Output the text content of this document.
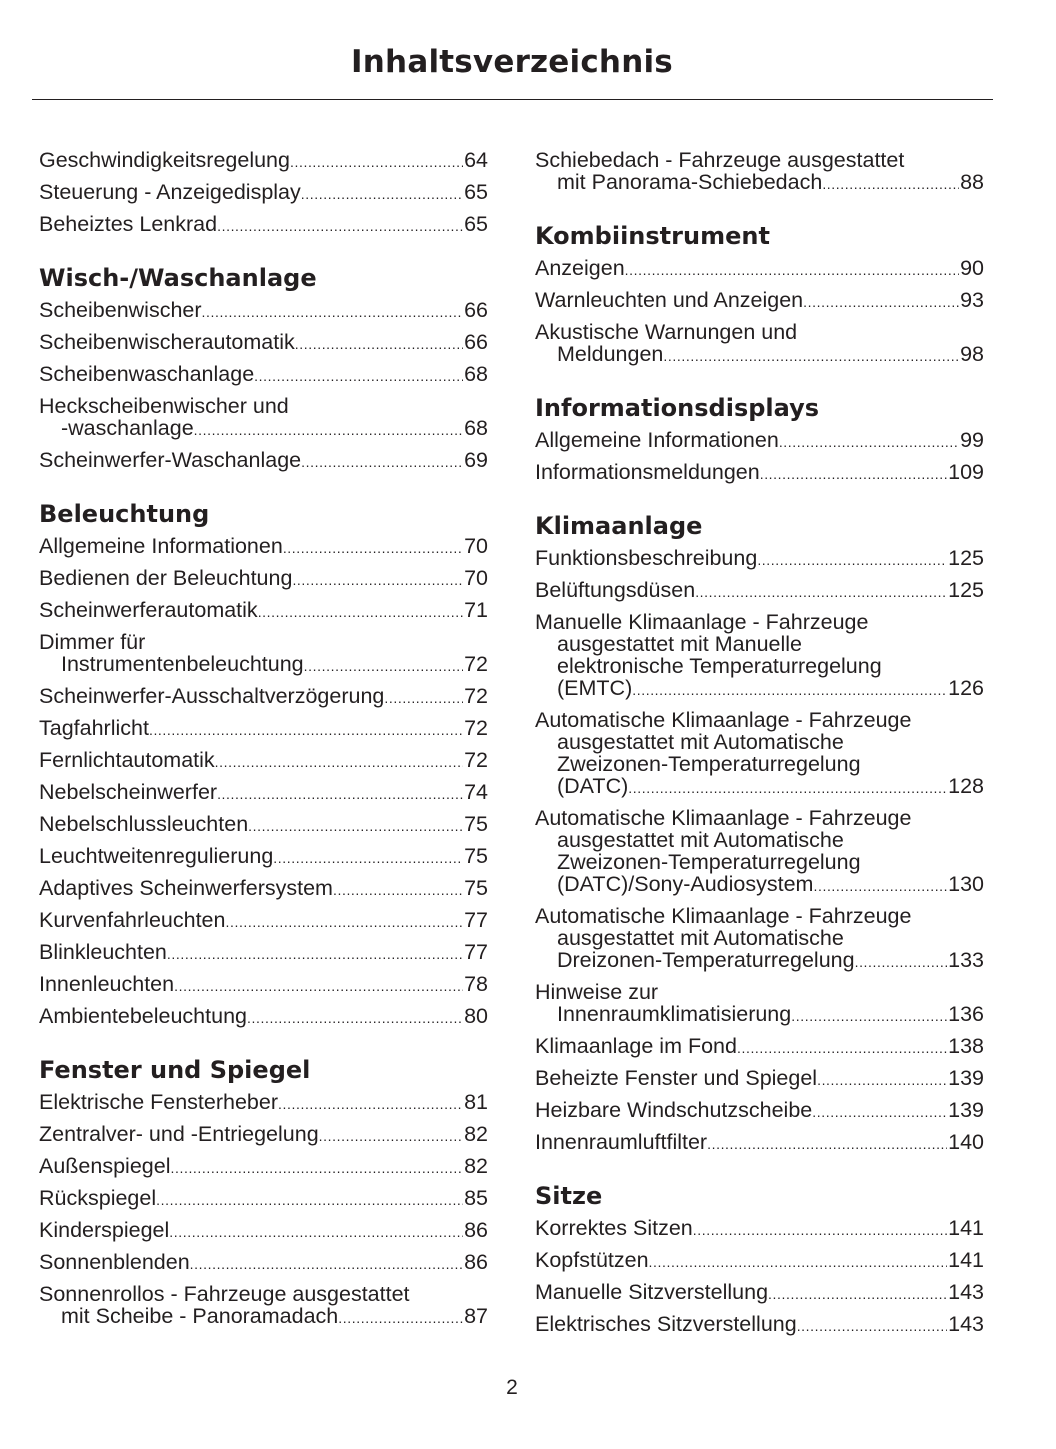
Inhaltsverzeichnis
Geschwindigkeitsregelung .....	64
Steuerung - Anzeigedisplay .....	65
Beheiztes Lenkrad .....	65
Wisch-/Waschanlage
Scheibenwischer .....	66
Scheibenwischerautomatik .....	66
Scheibenwaschanlage .....	68
Heckscheibenwischer und
-waschanlage .....	68
Scheinwerfer-Waschanlage .....	69
Beleuchtung
Allgemeine Informationen .....	70
Bedienen der Beleuchtung .....	70
Scheinwerferautomatik .....	71
Dimmer für
Instrumentenbeleuchtung .....	72
Scheinwerfer-Ausschaltverzögerung .....	72
Tagfahrlicht .....	72
Fernlichtautomatik .....	72
Nebelscheinwerfer .....	74
Nebelschlussleuchten .....	75
Leuchtweitenregulierung .....	75
Adaptives Scheinwerfersystem .....	75
Kurvenfahrleuchten .....	77
Blinkleuchten .....	77
Innenleuchten .....	78
Ambientebeleuchtung .....	80
Fenster und Spiegel
Elektrische Fensterheber .....	81
Zentralver- und -Entriegelung .....	82
Außenspiegel .....	82
Rückspiegel .....	85
Kinderspiegel .....	86
Sonnenblenden .....	86
Sonnenrollos - Fahrzeuge ausgestattet
mit Scheibe - Panoramadach .....	87
Schiebedach - Fahrzeuge ausgestattet
mit Panorama-Schiebedach .....	88
Kombiinstrument
Anzeigen .....	90
Warnleuchten und Anzeigen .....	93
Akustische Warnungen und
Meldungen .....	98
Informationsdisplays
Allgemeine Informationen .....	99
Informationsmeldungen .....	109
Klimaanlage
Funktionsbeschreibung .....	125
Belüftungsdüsen .....	125
Manuelle Klimaanlage - Fahrzeuge
ausgestattet mit Manuelle
elektronische Temperaturregelung
(EMTC) .....	126
Automatische Klimaanlage - Fahrzeuge
ausgestattet mit Automatische
Zweizonen-Temperaturregelung
(DATC) .....	128
Automatische Klimaanlage - Fahrzeuge
ausgestattet mit Automatische
Zweizonen-Temperaturregelung
(DATC)/Sony-Audiosystem .....	130
Automatische Klimaanlage - Fahrzeuge
ausgestattet mit Automatische
Dreizonen-Temperaturregelung .....	133
Hinweise zur
Innenraumklimatisierung .....	136
Klimaanlage im Fond .....	138
Beheizte Fenster und Spiegel .....	139
Heizbare Windschutzscheibe .....	139
Innenraumluftfilter .....	140
Sitze
Korrektes Sitzen .....	141
Kopfstützen .....	141
Manuelle Sitzverstellung .....	143
Elektrisches Sitzverstellung .....	143
2
